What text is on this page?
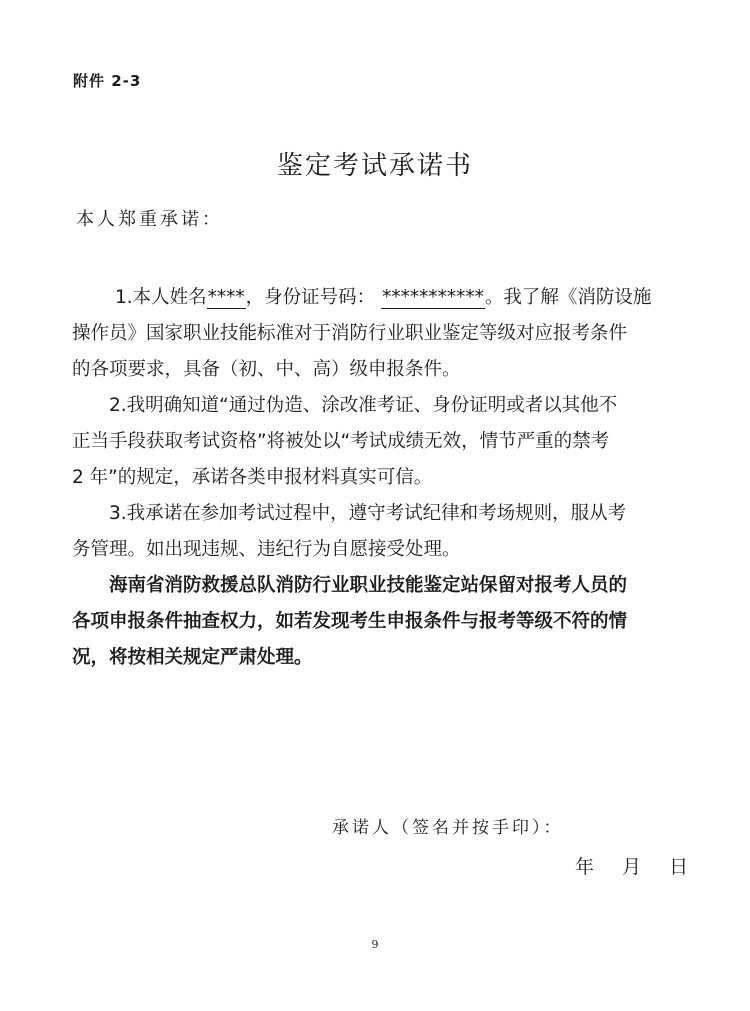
附件 2-3
鉴定考试承诺书
本人郑重承诺：

1.本人姓名****，身份证号码： ***********。我了解《消防设施
操作员》国家职业技能标准对于消防行业职业鉴定等级对应报考条件
的各项要求，具备（初、中、高）级申报条件。

2.我明确知道“通过伪造、涂改准考证、身份证明或者以其他不
正当手段获取考试资格”将被处以“考试成绩无效，情节严重的禁考
2 年”的规定，承诺各类申报材料真实可信。

3.我承诺在参加考试过程中，遵守考试纪律和考场规则，服从考
务管理。如出现违规、违纪行为自愿接受处理。

海南省消防救援总队消防行业职业技能鉴定站保留对报考人员的
各项申报条件抽查权力，如若发现考生申报条件与报考等级不符的情
况，将按相关规定严肃处理。

承诺人（签名并按手印）：
年 月 日
9
